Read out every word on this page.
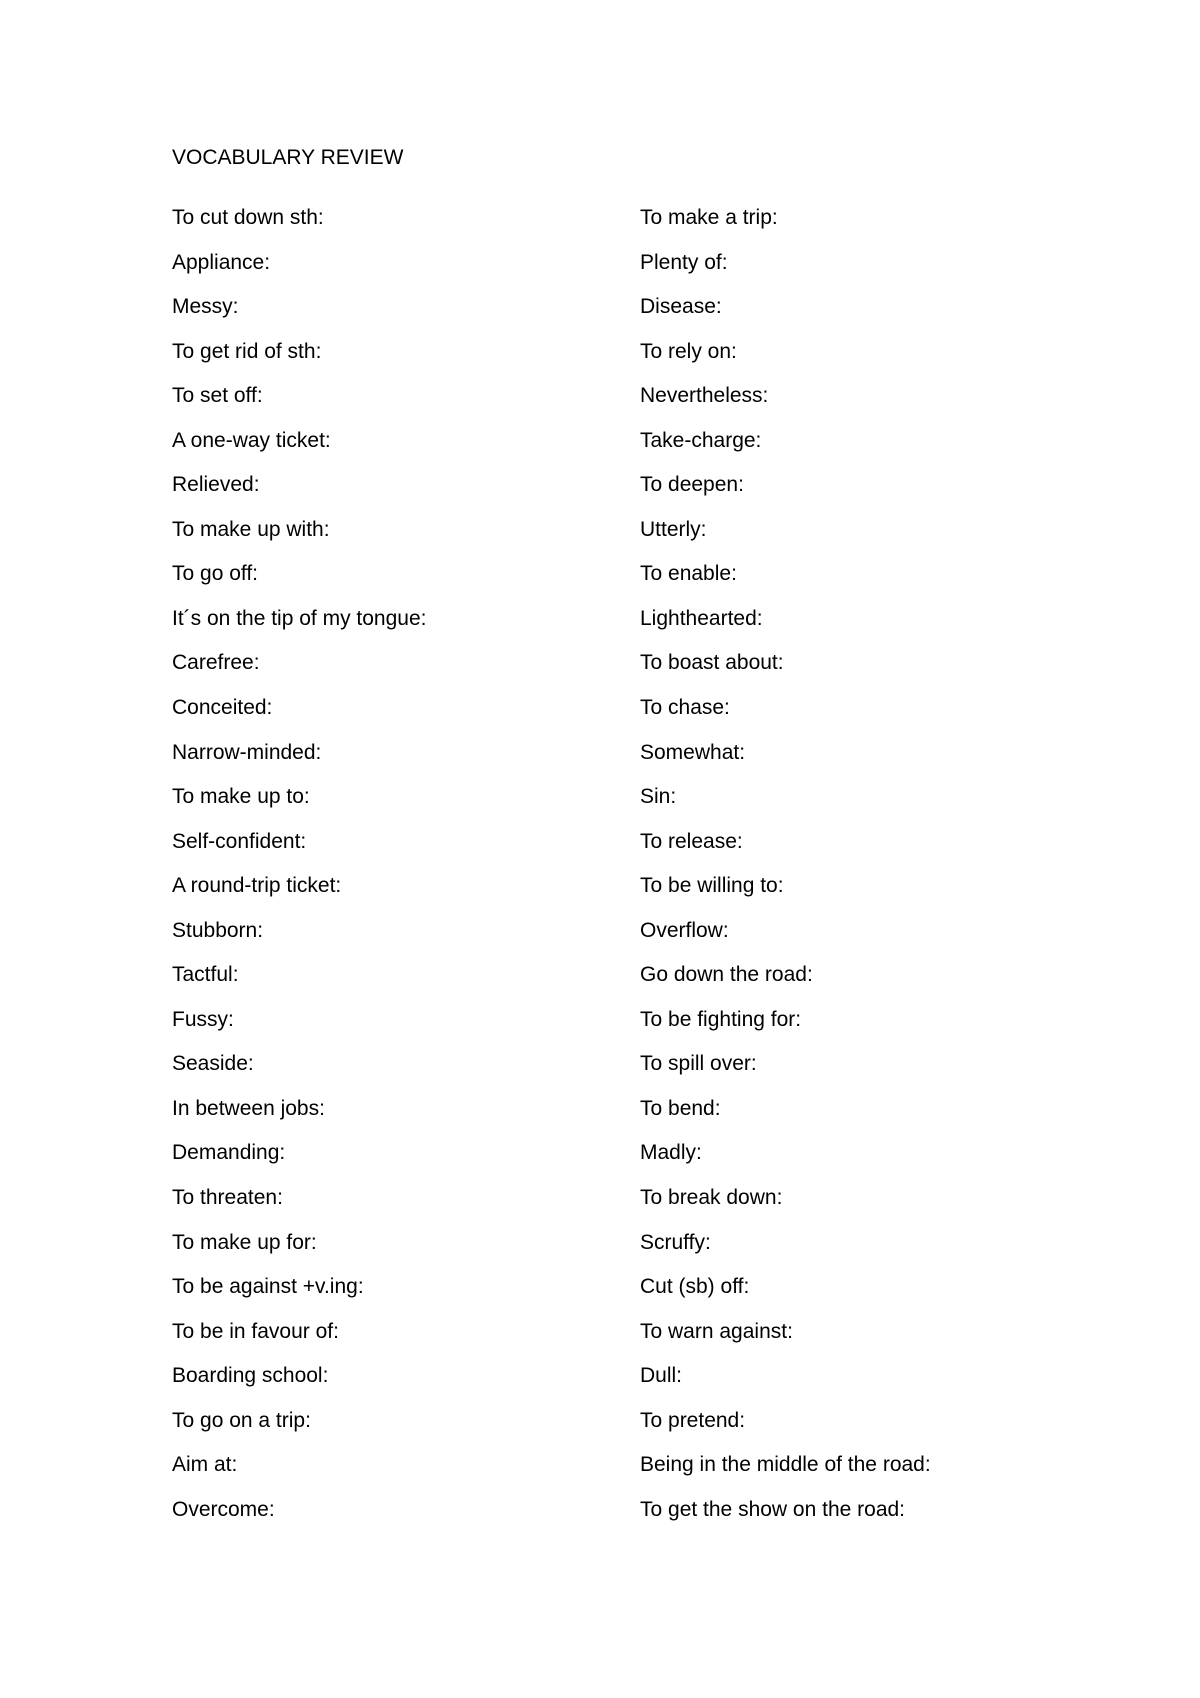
VOCABULARY REVIEW
To cut down sth:
Appliance:
Messy:
To get rid of sth:
To set off:
A one-way ticket:
Relieved:
To make up with:
To go off:
It´s on the tip of my tongue:
Carefree:
Conceited:
Narrow-minded:
To make up to:
Self-confident:
A round-trip ticket:
Stubborn:
Tactful:
Fussy:
Seaside:
In between jobs:
Demanding:
To threaten:
To make up for:
To be against +v.ing:
To be in favour of:
Boarding school:
To go on a trip:
Aim at:
Overcome:
To make a trip:
Plenty of:
Disease:
To rely on:
Nevertheless:
Take-charge:
To deepen:
Utterly:
To enable:
Lighthearted:
To boast about:
To chase:
Somewhat:
Sin:
To release:
To be willing to:
Overflow:
Go down the road:
To be fighting for:
To spill over:
To bend:
Madly:
To break down:
Scruffy:
Cut (sb) off:
To warn against:
Dull:
To pretend:
Being in the middle of the road:
To get the show on the road:
